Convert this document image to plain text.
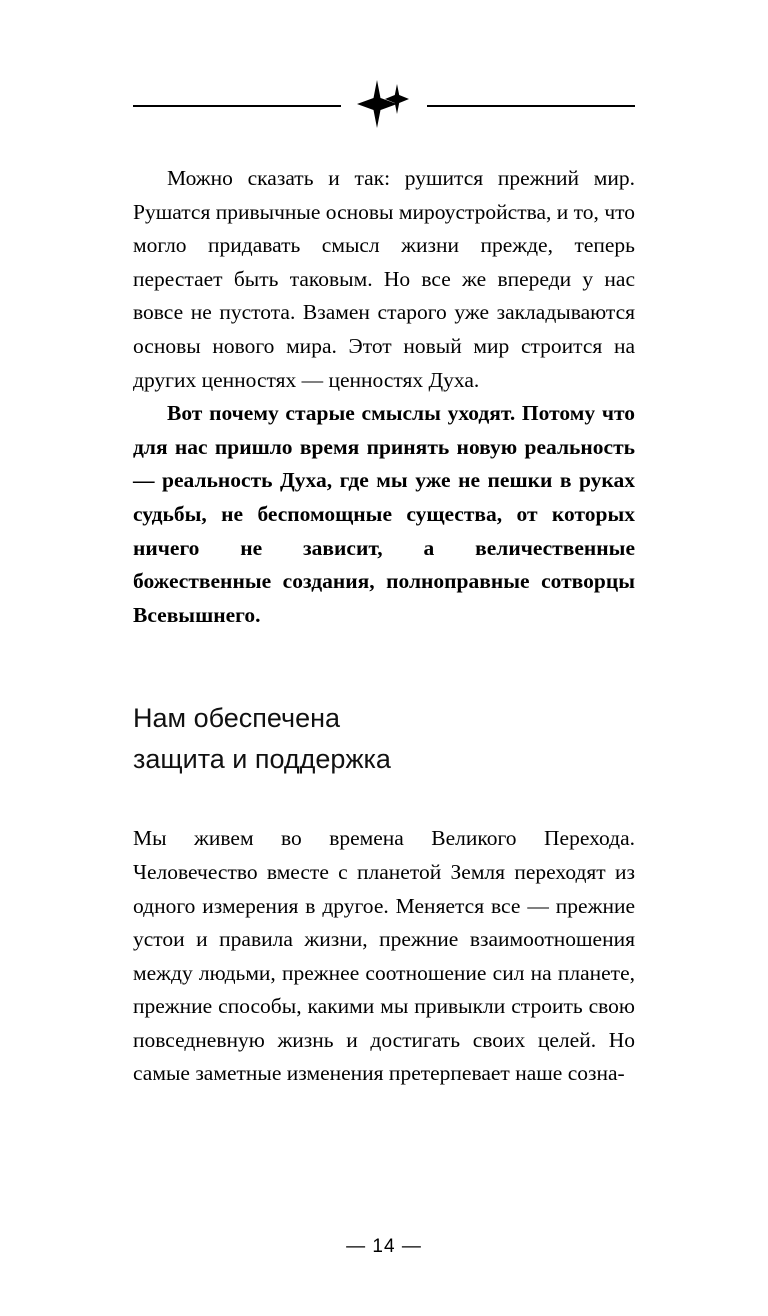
Можно сказать и так: рушится прежний мир. Рушатся привычные основы мироустройства, и то, что могло придавать смысл жизни прежде, теперь перестает быть таковым. Но все же впереди у нас вовсе не пустота. Взамен старого уже закладываются основы нового мира. Этот новый мир строится на других ценностях — ценностях Духа.

Вот почему старые смыслы уходят. Потому что для нас пришло время принять новую реальность — реальность Духа, где мы уже не пешки в руках судьбы, не беспомощные существа, от которых ничего не зависит, а величественные божественные создания, полноправные сотворцы Всевышнего.

Нам обеспечена
защита и поддержка

Мы живем во времена Великого Перехода. Человечество вместе с планетой Земля переходят из одного измерения в другое. Меняется все — прежние устои и правила жизни, прежние взаимоотношения между людьми, прежнее соотношение сил на планете, прежние способы, какими мы привыкли строить свою повседневную жизнь и достигать своих целей. Но самые заметные изменения претерпевает наше созна-

— 14 —
